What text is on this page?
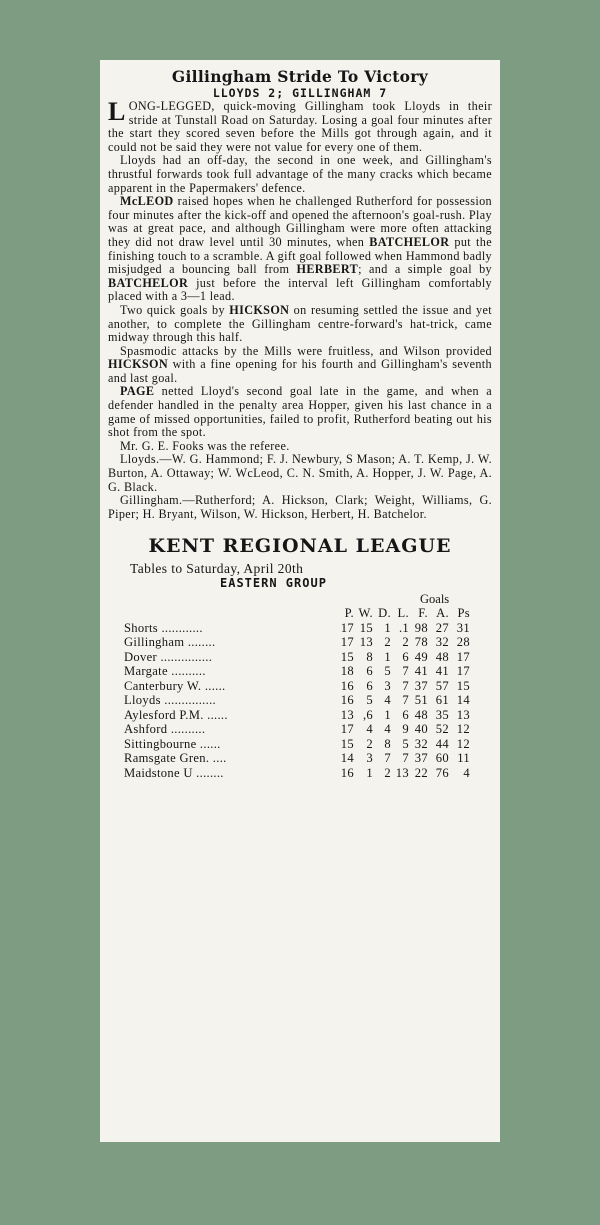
Gillingham Stride To Victory
LLOYDS 2; GILLINGHAM 7

LONG-LEGGED, quick-moving Gillingham took Lloyds in their stride at Tunstall Road on Saturday. Losing a goal four minutes after the start they scored seven before the Mills got through again, and it could not be said they were not value for every one of them.

Lloyds had an off-day, the second in one week, and Gillingham's thrustful forwards took full advantage of the many cracks which became apparent in the Papermakers' defence.

McLEOD raised hopes when he challenged Rutherford for possession four minutes after the kick-off and opened the afternoon's goal-rush. Play was at great pace, and although Gillingham were more often attacking they did not draw level until 30 minutes, when BATCHELOR put the finishing touch to a scramble. A gift goal followed when Hammond badly misjudged a bouncing ball from HERBERT; and a simple goal by BATCHELOR just before the interval left Gillingham comfortably placed with a 3—1 lead.

Two quick goals by HICKSON on resuming settled the issue and yet another, to complete the Gillingham centre-forward's hat-trick, came midway through this half.

Spasmodic attacks by the Mills were fruitless, and Wilson provided HICKSON with a fine opening for his fourth and Gillingham's seventh and last goal.

PAGE netted Lloyd's second goal late in the game, and when a defender handled in the penalty area Hopper, given his last chance in a game of missed opportunities, failed to profit, Rutherford beating out his shot from the spot.

Mr. G. E. Fooks was the referee.

Lloyds.—W. G. Hammond; F. J. Newbury, S Mason; A. T. Kemp, J. W. Burton, A. Ottaway; W. WcLeod, C. N. Smith, A. Hopper, J. W. Page, A. G. Black.

Gillingham.—Rutherford; A. Hickson, Clark; Weight, Williams, G. Piper; H. Bryant, Wilson, W. Hickson, Herbert, H. Batchelor.

KENT REGIONAL LEAGUE
Tables to Saturday, April 20th
EASTERN GROUP
Goals
	P.	W.	D.	L.	F.	A.	Ps
Shorts ............	17	15	1	.1	98	27	31
Gillingham ........	17	13	2	2	78	32	28
Dover ...............	15	8	1	6	49	48	17
Margate ..........	18	6	5	7	41	41	17
Canterbury W. ......	16	6	3	7	37	57	15
Lloyds ...............	16	5	4	7	51	61	14
Aylesford P.M. ......	13	,6	1	6	48	35	13
Ashford ..........	17	4	4	9	40	52	12
Sittingbourne ......	15	2	8	5	32	44	12
Ramsgate Gren. ....	14	3	7	7	37	60	11
Maidstone U ........	16	1	2	13	22	76	4
